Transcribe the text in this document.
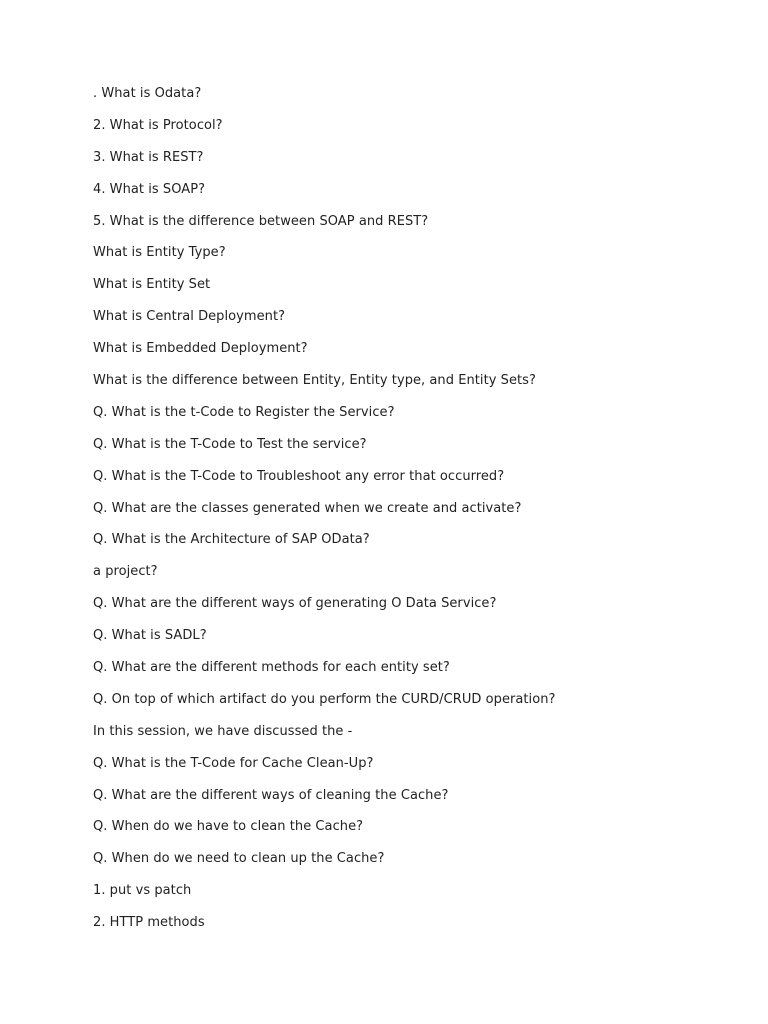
. What is Odata?
2. What is Protocol?
3. What is REST?
4. What is SOAP?
5. What is the difference between SOAP and REST?
What is Entity Type?
What is Entity Set
What is Central Deployment?
What is Embedded Deployment?
What is the difference between Entity, Entity type, and Entity Sets?
Q. What is the t-Code to Register the Service?
Q. What is the T-Code to Test the service?
Q. What is the T-Code to Troubleshoot any error that occurred?
Q. What are the classes generated when we create and activate?
Q. What is the Architecture of SAP OData?
a project?
Q. What are the different ways of generating O Data Service?
Q. What is SADL?
Q. What are the different methods for each entity set?
Q. On top of which artifact do you perform the CURD/CRUD operation?
In this session, we have discussed the -
Q. What is the T-Code for Cache Clean-Up?
Q. What are the different ways of cleaning the Cache?
Q. When do we have to clean the Cache?
Q. When do we need to clean up the Cache?
1. put vs patch
2. HTTP methods
